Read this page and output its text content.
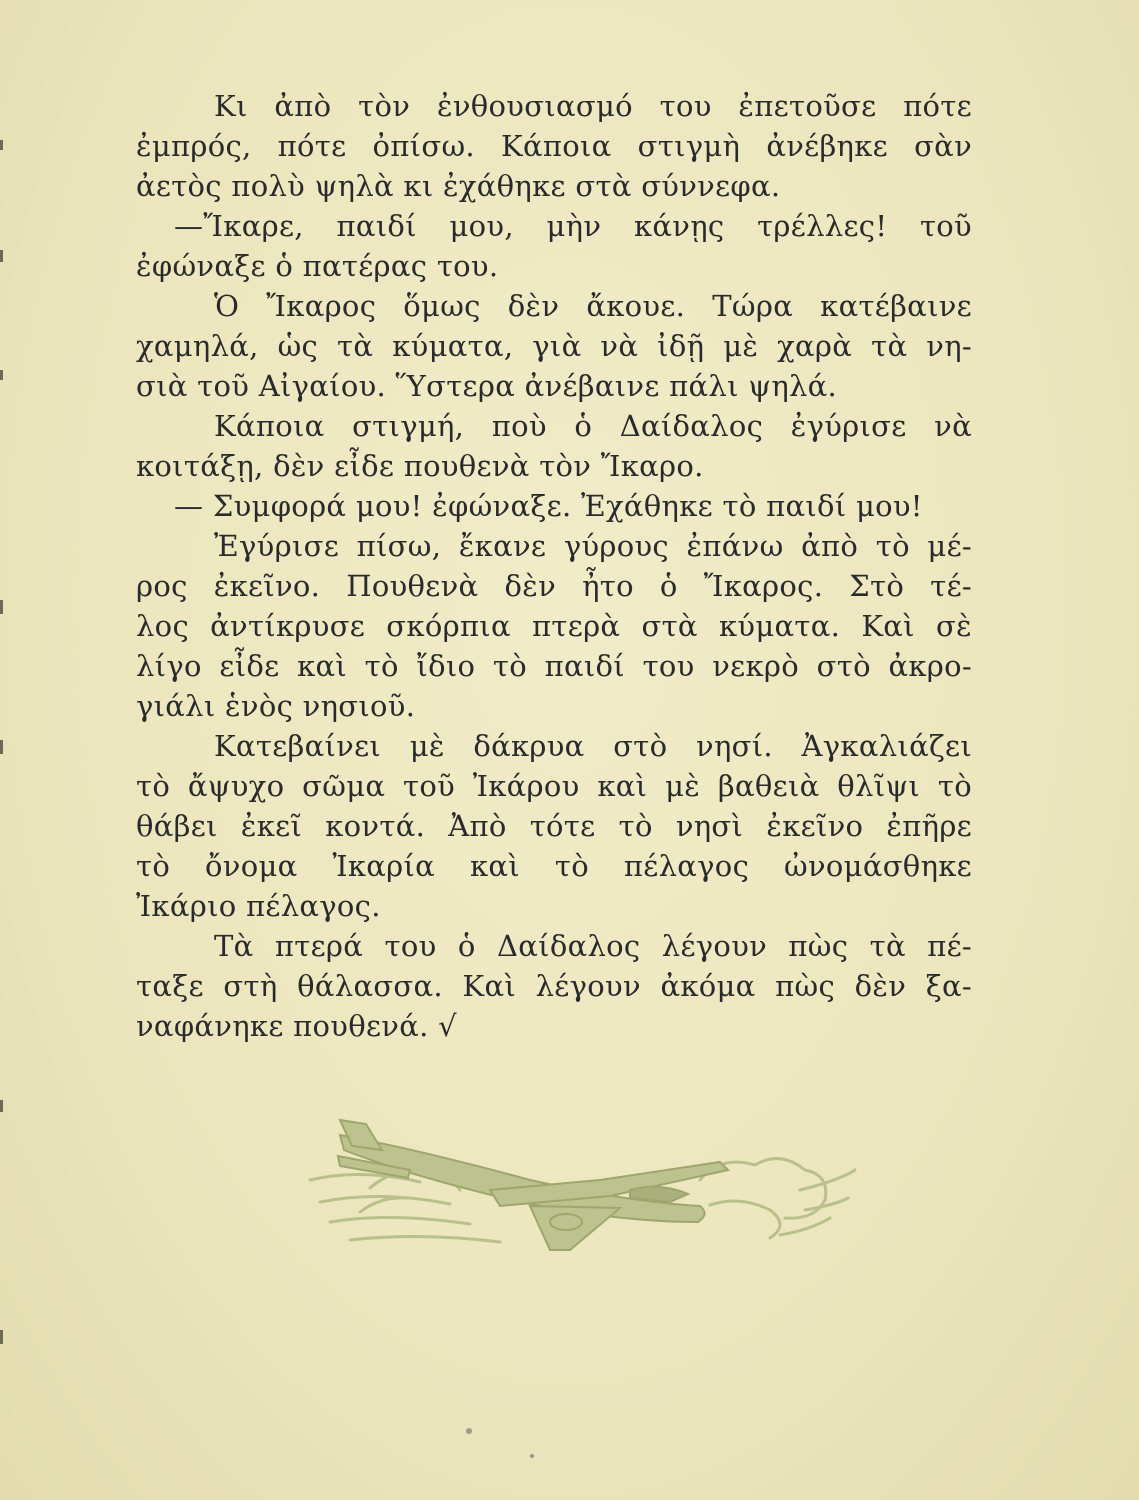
Κι ἀπὸ τὸν ἐνθουσιασμό του ἐπετοῦσε πότε
ἐμπρός, πότε ὀπίσω. Κάποια στιγμὴ ἀνέβηκε σὰν
ἀετὸς πολὺ ψηλὰ κι ἐχάθηκε στὰ σύννεφα.
—Ἴκαρε, παιδί μου, μὴν κάνῃς τρέλλες! τοῦ
ἐφώναξε ὁ πατέρας του.
Ὁ Ἴκαρος ὅμως δὲν ἄκουε. Τώρα κατέβαινε
χαμηλά, ὡς τὰ κύματα, γιὰ νὰ ἰδῇ μὲ χαρὰ τὰ νη-
σιὰ τοῦ Αἰγαίου. Ὕστερα ἀνέβαινε πάλι ψηλά.
Κάποια στιγμή, ποὺ ὁ Δαίδαλος ἐγύρισε νὰ
κοιτάξῃ, δὲν εἶδε πουθενὰ τὸν Ἴκαρο.
— Συμφορά μου! ἐφώναξε. Ἐχάθηκε τὸ παιδί μου!
Ἐγύρισε πίσω, ἔκανε γύρους ἐπάνω ἀπὸ τὸ μέ-
ρος ἐκεῖνο. Πουθενὰ δὲν ἦτο ὁ Ἴκαρος. Στὸ τέ-
λος ἀντίκρυσε σκόρπια πτερὰ στὰ κύματα. Καὶ σὲ
λίγο εἶδε καὶ τὸ ἴδιο τὸ παιδί του νεκρὸ στὸ ἀκρο-
γιάλι ἑνὸς νησιοῦ.
Κατεβαίνει μὲ δάκρυα στὸ νησί. Ἀγκαλιάζει
τὸ ἄψυχο σῶμα τοῦ Ἰκάρου καὶ μὲ βαθειὰ θλῖψι τὸ
θάβει ἐκεῖ κοντά. Ἀπὸ τότε τὸ νησὶ ἐκεῖνο ἐπῆρε
τὸ ὄνομα Ἰκαρία καὶ τὸ πέλαγος ὠνομάσθηκε
Ἰκάριο πέλαγος.
Τὰ πτερά του ὁ Δαίδαλος λέγουν πὼς τὰ πέ-
ταξε στὴ θάλασσα. Καὶ λέγουν ἀκόμα πὼς δὲν ξα-
ναφάνηκε πουθενά. √
